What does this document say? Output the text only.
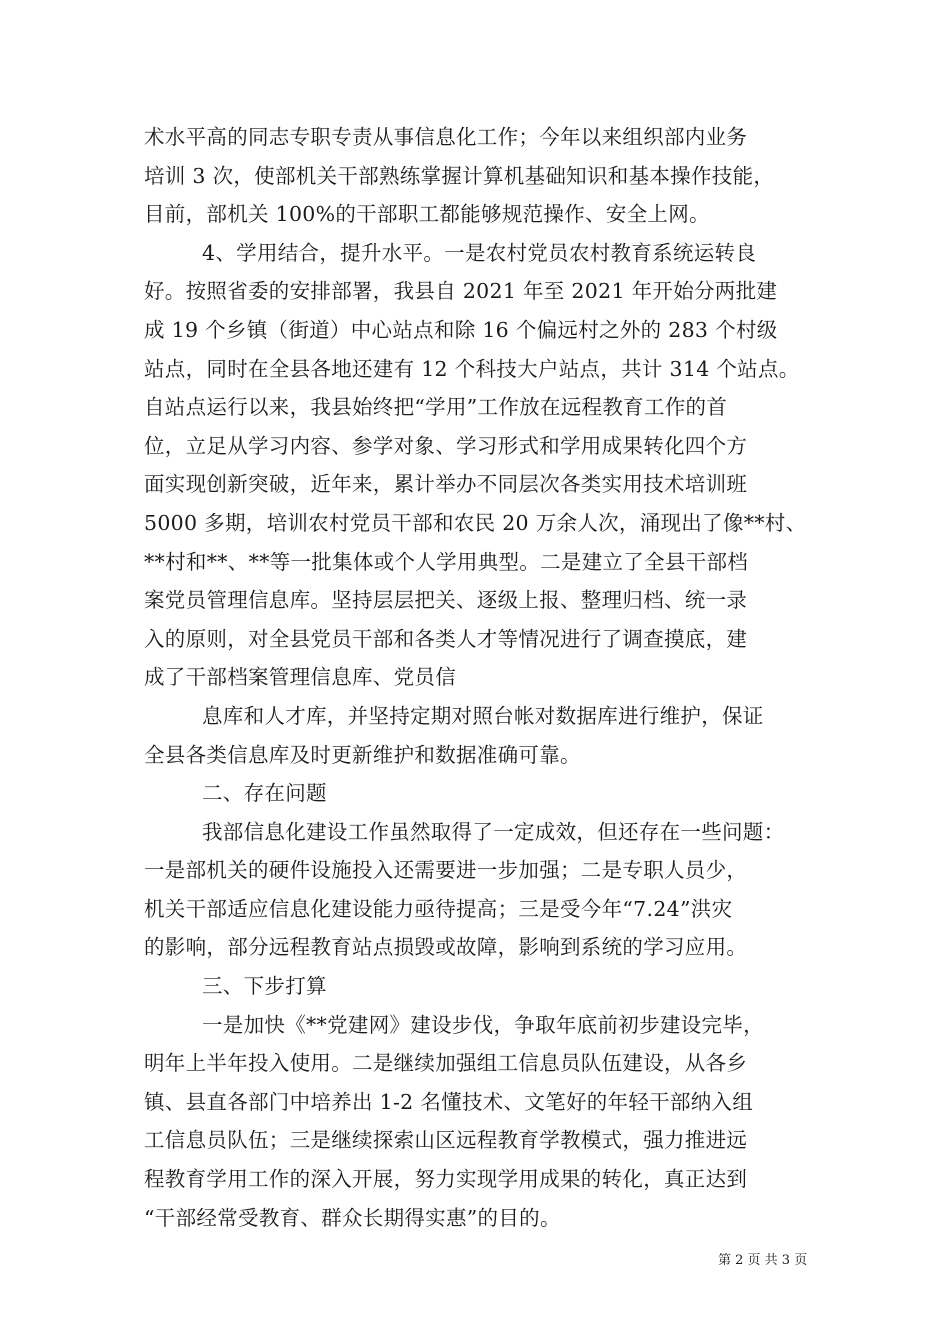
术水平高的同志专职专责从事信息化工作；今年以来组织部内业务
培训 3 次，使部机关干部熟练掌握计算机基础知识和基本操作技能，
目前，部机关 100%的干部职工都能够规范操作、安全上网。
4、学用结合，提升水平。一是农村党员农村教育系统运转良
好。按照省委的安排部署，我县自 2021 年至 2021 年开始分两批建
成 19 个乡镇（街道）中心站点和除 16 个偏远村之外的 283 个村级
站点，同时在全县各地还建有 12 个科技大户站点，共计 314 个站点。
自站点运行以来，我县始终把“学用”工作放在远程教育工作的首
位，立足从学习内容、参学对象、学习形式和学用成果转化四个方
面实现创新突破，近年来，累计举办不同层次各类实用技术培训班
5000 多期，培训农村党员干部和农民 20 万余人次，涌现出了像**村、
**村和**、**等一批集体或个人学用典型。二是建立了全县干部档
案党员管理信息库。坚持层层把关、逐级上报、整理归档、统一录
入的原则，对全县党员干部和各类人才等情况进行了调查摸底，建
成了干部档案管理信息库、党员信
息库和人才库，并坚持定期对照台帐对数据库进行维护，保证
全县各类信息库及时更新维护和数据准确可靠。
二、存在问题
我部信息化建设工作虽然取得了一定成效，但还存在一些问题：
一是部机关的硬件设施投入还需要进一步加强；二是专职人员少，
机关干部适应信息化建设能力亟待提高；三是受今年“7.24”洪灾
的影响，部分远程教育站点损毁或故障，影响到系统的学习应用。
三、下步打算
一是加快《**党建网》建设步伐，争取年底前初步建设完毕，
明年上半年投入使用。二是继续加强组工信息员队伍建设，从各乡
镇、县直各部门中培养出 1-2 名懂技术、文笔好的年轻干部纳入组
工信息员队伍；三是继续探索山区远程教育学教模式，强力推进远
程教育学用工作的深入开展，努力实现学用成果的转化，真正达到
“干部经常受教育、群众长期得实惠”的目的。
第 2 页 共 3 页
